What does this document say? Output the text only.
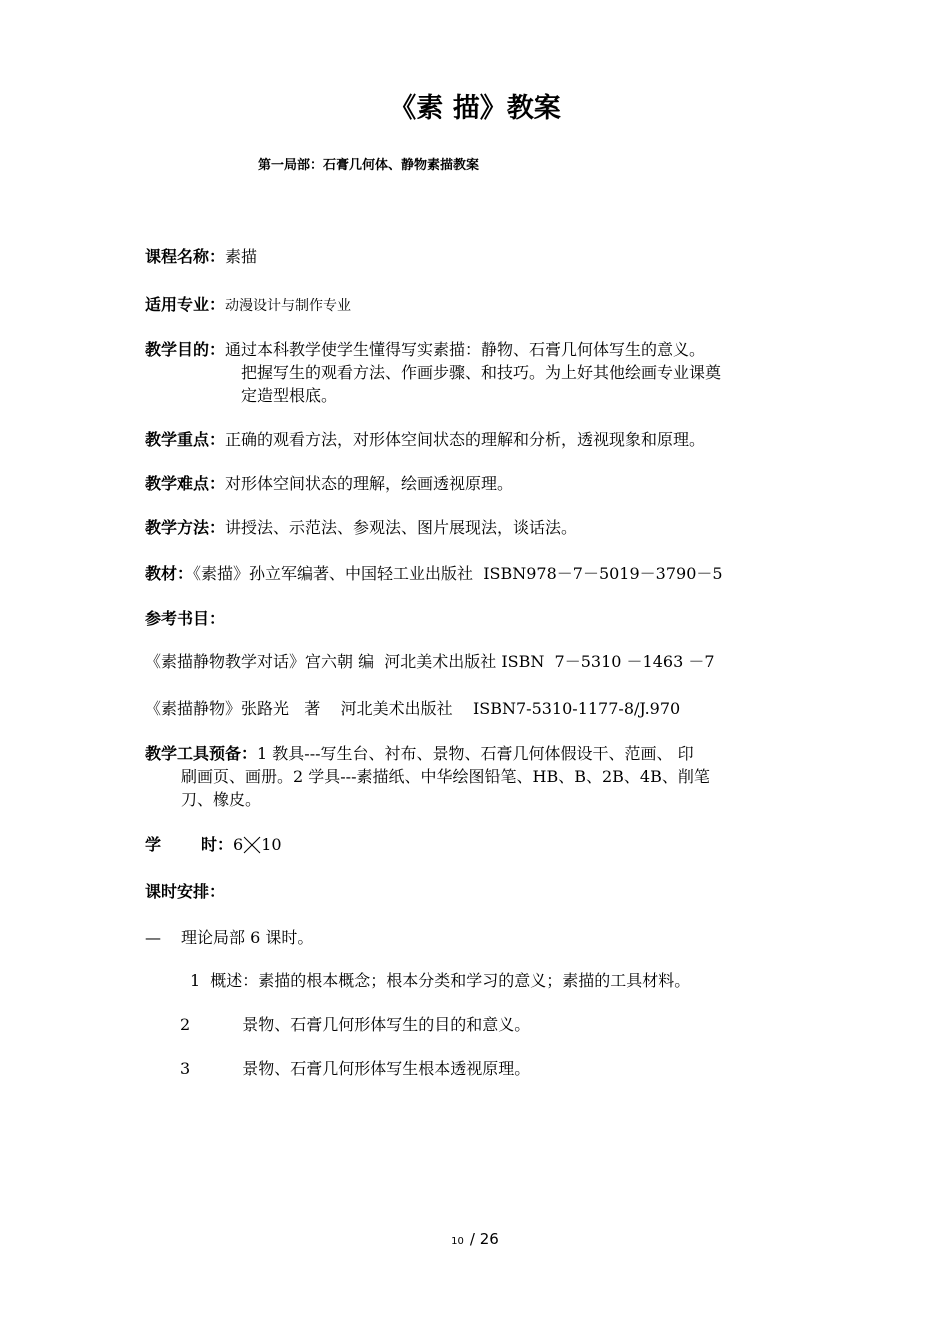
《素 描》教案
第一局部：石膏几何体、静物素描教案
课程名称：素描
适用专业：动漫设计与制作专业
教学目的：通过本科教学使学生懂得写实素描：静物、石膏几何体写生的意义。
把握写生的观看方法、作画步骤、和技巧。为上好其他绘画专业课奠
定造型根底。
教学重点：正确的观看方法，对形体空间状态的理解和分析，透视现象和原理。
教学难点：对形体空间状态的理解，绘画透视原理。
教学方法：讲授法、示范法、参观法、图片展现法，谈话法。
教材：《素描》孙立军编著、中国轻工业出版社  ISBN978－7－5019－3790－5
参考书目：
《素描静物教学对话》宫六朝 编  河北美术出版社 ISBN  7－5310 －1463 －7
《素描静物》张路光   著    河北美术出版社    ISBN7-5310-1177-8/J.970
教学工具预备：1 教具---写生台、衬布、景物、石膏几何体假设干、范画、 印
刷画页、画册。2 学具---素描纸、中华绘图铅笔、HB、B、2B、4B、削笔
刀、橡皮。
学	时：6 10
课时安排：
— 理论局部 6 课时。
1 概述：素描的根本概念；根本分类和学习的意义；素描的工具材料。
2	景物、石膏几何形体写生的目的和意义。
3	景物、石膏几何形体写生根本透视原理。
10 / 26
